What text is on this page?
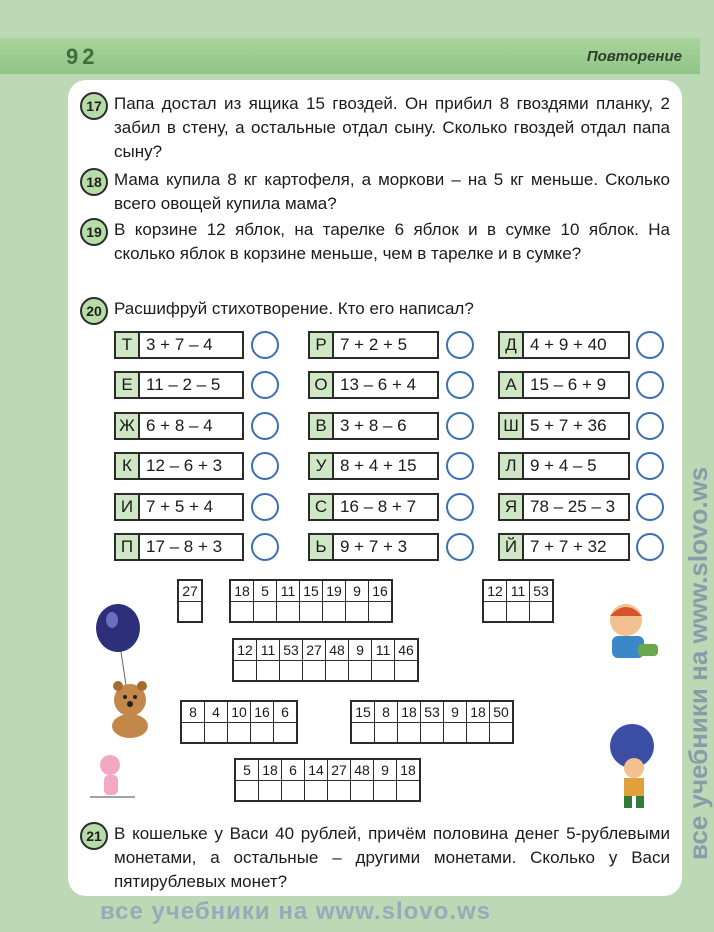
92	Повторение
17 Папа достал из ящика 15 гвоздей. Он прибил 8 гвоздями планку, 2 забил в стену, а остальные отдал сыну. Сколько гвоздей отдал папа сыну?
18 Мама купила 8 кг картофеля, а моркови – на 5 кг меньше. Сколько всего овощей купила мама?
19 В корзине 12 яблок, на тарелке 6 яблок и в сумке 10 яблок. На сколько яблок в корзине меньше, чем в тарелке и в сумке?
20 Расшифруй стихотворение. Кто его написал?
Т 3 + 7 – 4
Е 11 – 2 – 5
Ж 6 + 8 – 4
К 12 – 6 + 3
И 7 + 5 + 4
П 17 – 8 + 3
Р 7 + 2 + 5
О 13 – 6 + 4
В 3 + 8 – 6
У 8 + 4 + 15
С 16 – 8 + 7
Ь 9 + 7 + 3
Д 4 + 9 + 40
А 15 – 6 + 9
Ш 5 + 7 + 36
Л 9 + 4 – 5
Я 78 – 25 – 3
Й 7 + 7 + 32
27	18 5 11 15 19 9 16	12 11 53
12 11 53 27 48 9 11 46
8	4 10 16 6	15 8 18 53 9 18 50
5 18 6 14 27 48 9 18
21 В кошельке у Васи 40 рублей, причём половина денег 5-рублевыми монетами, а остальные – другими монетами. Сколько у Васи пятирублевых монет?
все учебники на www.slovo.ws
все учебники на www.slovo.ws
